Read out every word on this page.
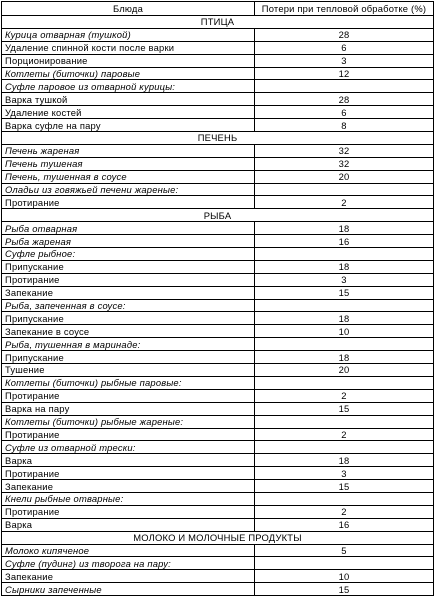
Блюда	Потери при тепловой обработке (%)
ПТИЦА	
Курица отварная (тушкой)	28
Удаление спинной кости после варки	6
Порционирование	3
Котлеты (биточки) паровые	12
Суфле паровое из отварной курицы:	
Варка тушкой	28
Удаление костей	6
Варка суфле на пару	8
ПЕЧЕНЬ	
Печень жареная	32
Печень тушеная	32
Печень, тушенная в соусе	20
Оладьи из говяжьей печени жареные:	
Протирание	2
РЫБА	
Рыба отварная	18
Рыба жареная	16
Суфле рыбное:	
Припускание	18
Протирание	3
Запекание	15
Рыба, запеченная в соусе:	
Припускание	18
Запекание в соусе	10
Рыба, тушенная в маринаде:	
Припускание	18
Тушение	20
Котлеты (биточки) рыбные паровые:	
Протирание	2
Варка на пару	15
Котлеты (биточки) рыбные жареные:	
Протирание	2
Суфле из отварной трески:	
Варка	18
Протирание	3
Запекание	15
Кнели рыбные отварные:	
Протирание	2
Варка	16
МОЛОКО И МОЛОЧНЫЕ ПРОДУКТЫ	
Молоко кипяченое	5
Суфле (пудинг) из творога на пару:	
Запекание	10
Сырники запеченные	15
